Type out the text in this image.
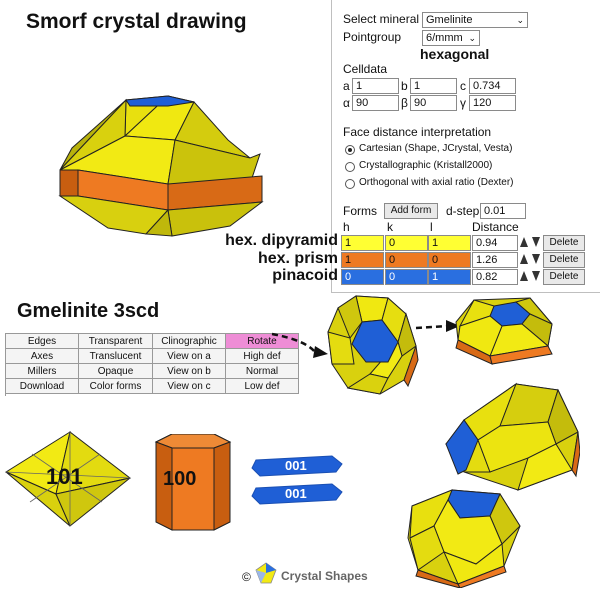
Smorf crystal drawing	Select mineral Gmelinite	⌄
Pointgroup	6/mmm ⌄
hexagonal
Celldata
a 1	b 1	c 0.734
α 90	β 90	γ 120
Face distance interpretation
Cartesian (Shape, JCrystal, Vesta)
Crystallographic (Kristall2000)
Orthogonal with axial ratio (Dexter)
Forms	Add form	d-step 0.01
h	k	l	Distance
1	0	1	0.94	Delete
1	0	0	1.26	Delete
0	0	1	0.82	Delete
hex. dipyramid
hex. prism
pinacoid
Gmelinite 3scd
Edges	Transparent	Clinographic	Rotate
Axes	Translucent	View on a	High def
Millers	Opaque	View on b	Normal
Download	Color forms	View on c	Low def
101	100
001
001
©	Crystal Shapes
